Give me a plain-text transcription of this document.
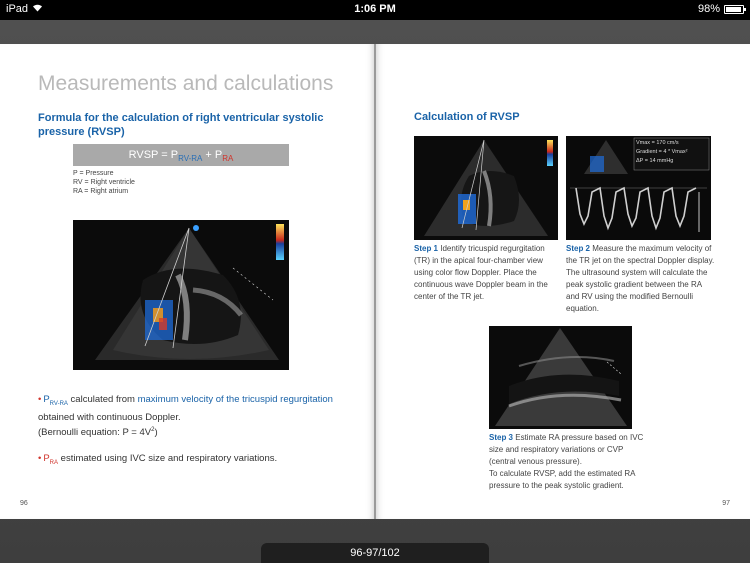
iPad	1:06 PM	98%
Measurements and calculations
Formula for the calculation of right ventricular systolic pressure (RVSP)
RVSP = $P_{RV-RA} + P_{RA}$
P = Pressure
RV = Right ventricle
RA = Right atrium
• $P_{RV-RA}$ calculated from maximum velocity of the tricuspid regurgitation obtained with continuous Doppler.
(Bernoulli equation: $P = 4V^2$)
• $P_{RA}$ estimated using IVC size and respiratory variations.
96
Calculation of RVSP
Vmax = 170 cm/s
Gradient = 4 * Vmax²
ΔP = 14 mmHg
Step 1 Identify tricuspid regurgitation (TR) in the apical four-chamber view using color flow Doppler. Place the continuous wave Doppler beam in the center of the TR jet.
Step 2 Measure the maximum velocity of the TR jet on the spectral Doppler display. The ultrasound system will calculate the peak systolic gradient between the RA and RV using the modified Bernoulli equation.
Step 3 Estimate RA pressure based on IVC size and respiratory variations or CVP (central venous pressure).
To calculate RVSP, add the estimated RA pressure to the peak systolic gradient.
97
96-97/102
